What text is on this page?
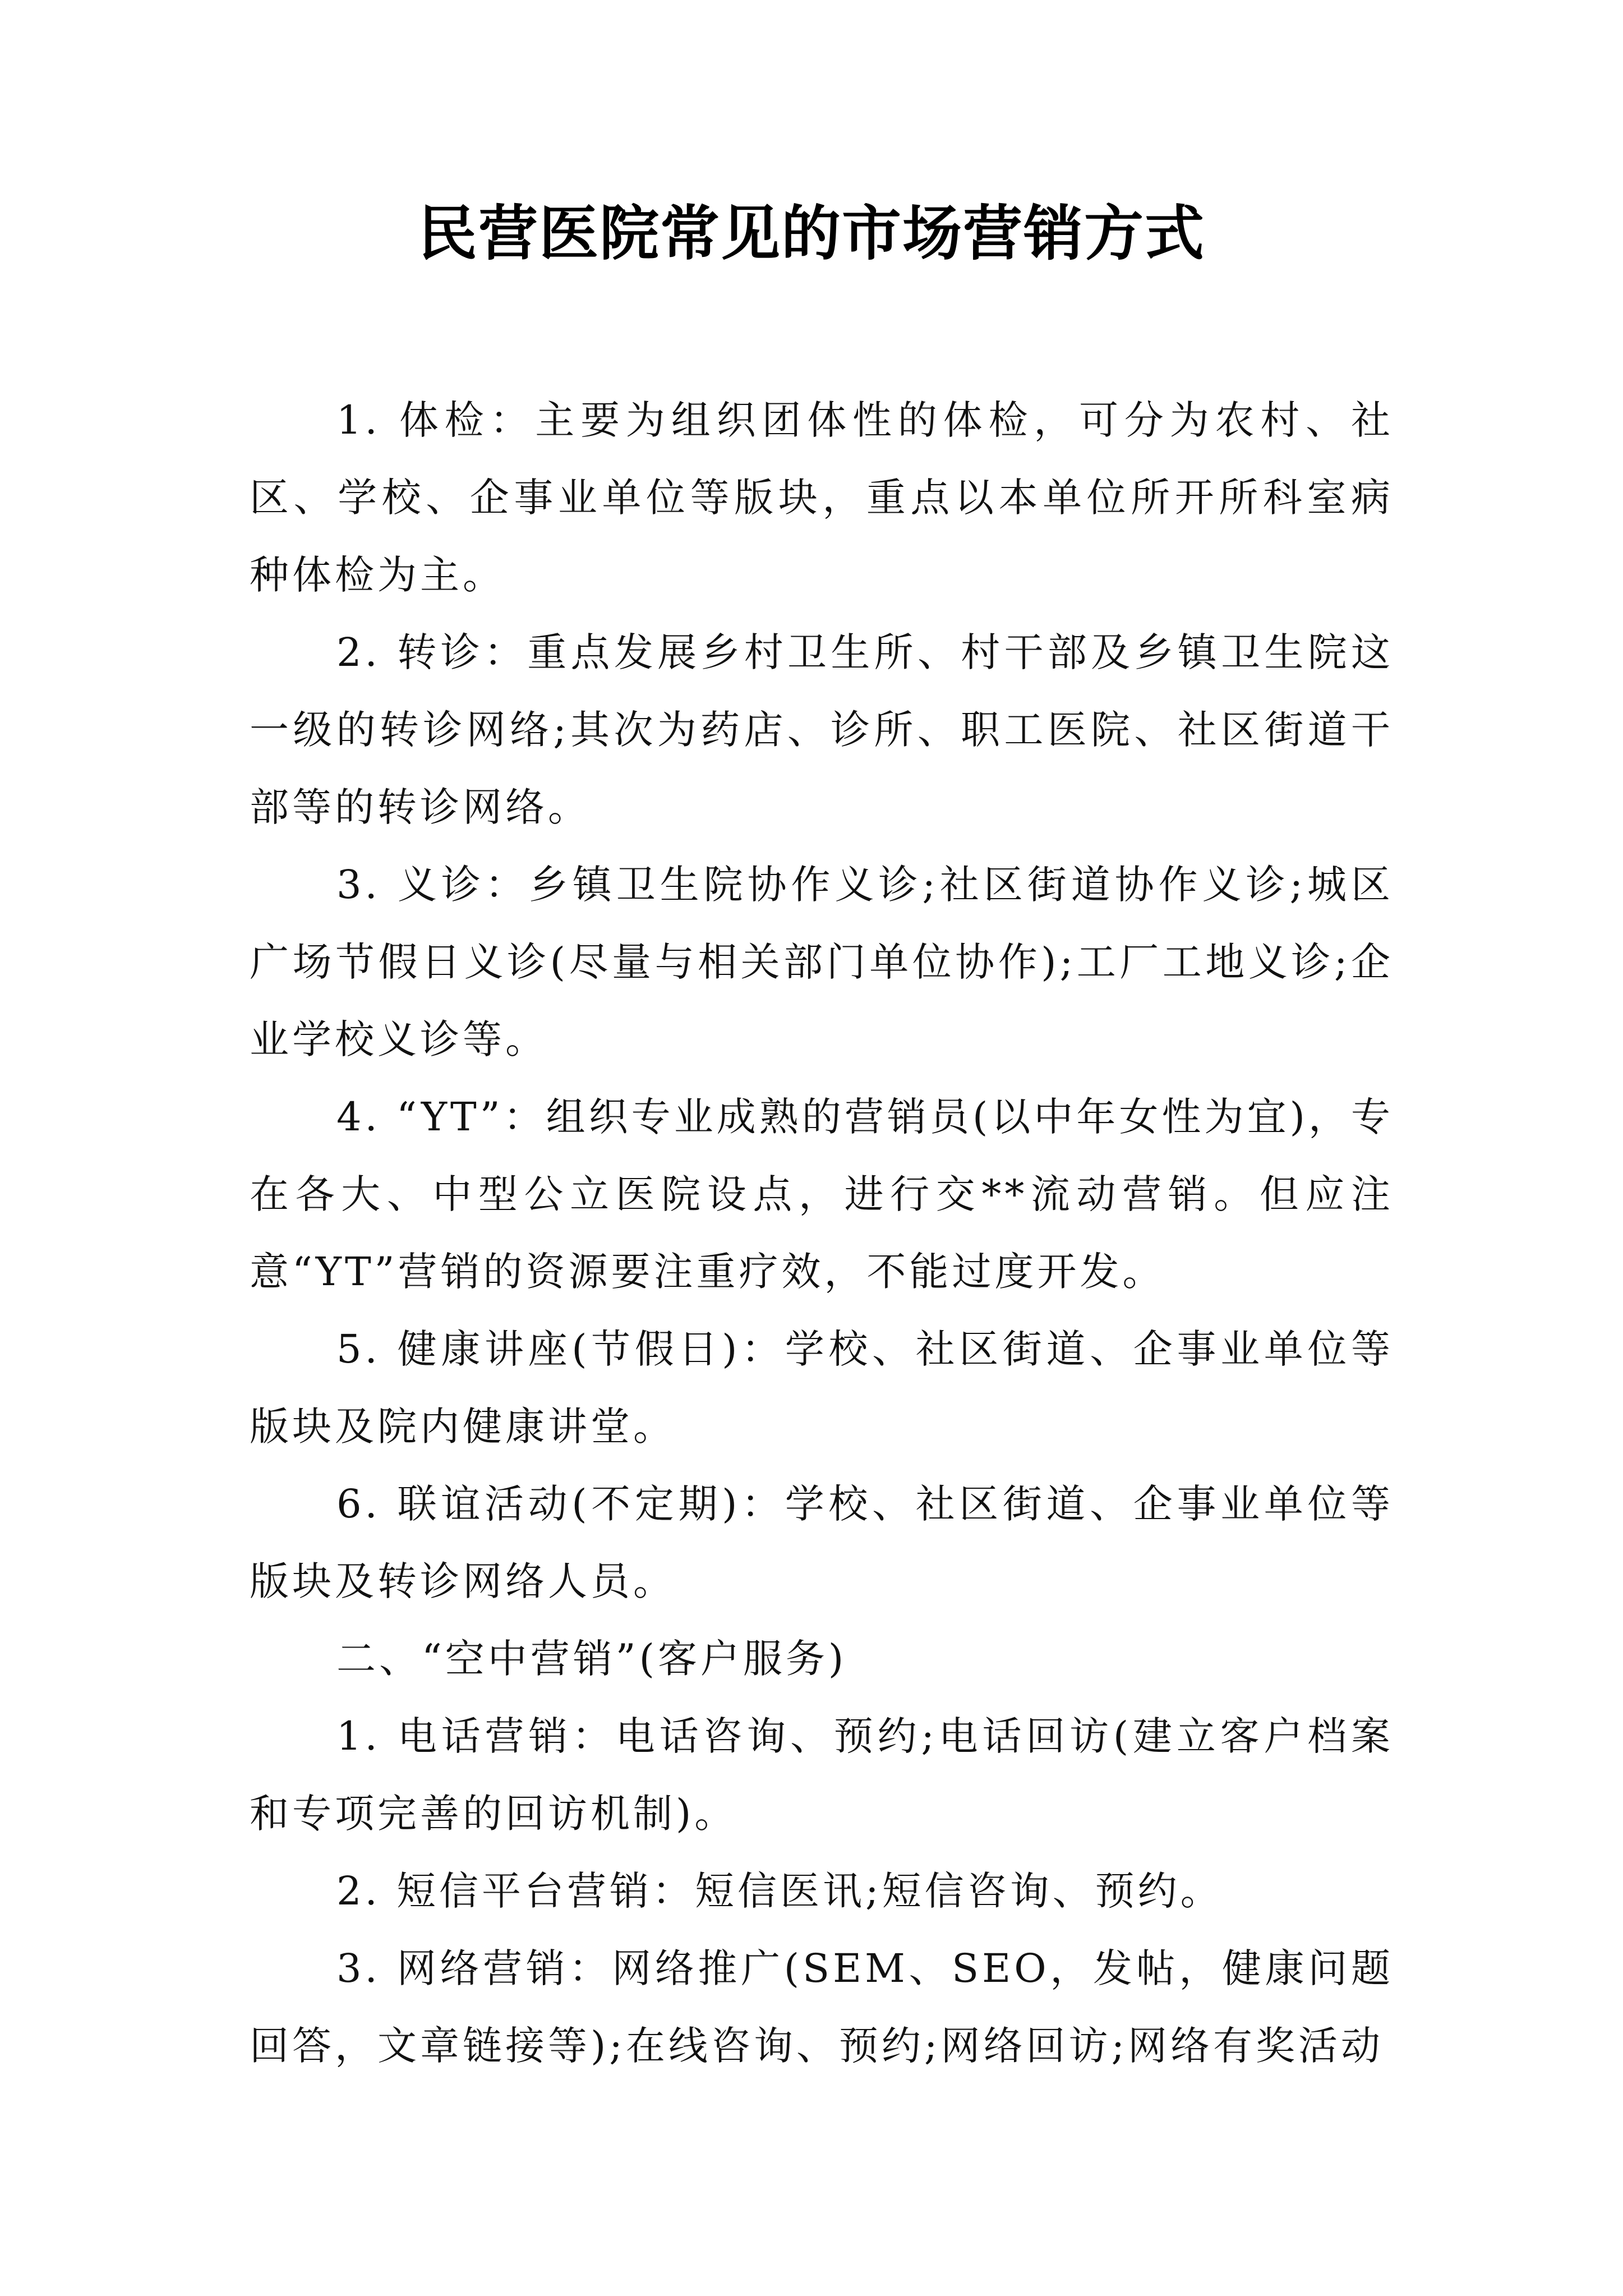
民营医院常见的市场营销方式

1. 体检：主要为组织团体性的体检，可分为农村、社区、学校、企事业单位等版块，重点以本单位所开所科室病种体检为主。

2. 转诊：重点发展乡村卫生所、村干部及乡镇卫生院这一级的转诊网络;其次为药店、诊所、职工医院、社区街道干部等的转诊网络。

3. 义诊：乡镇卫生院协作义诊;社区街道协作义诊;城区广场节假日义诊(尽量与相关部门单位协作);工厂工地义诊;企业学校义诊等。

4. “YT”：组织专业成熟的营销员(以中年女性为宜)，专在各大、中型公立医院设点，进行交**流动营销。但应注意“YT”营销的资源要注重疗效，不能过度开发。

5. 健康讲座(节假日)：学校、社区街道、企事业单位等版块及院内健康讲堂。

6. 联谊活动(不定期)：学校、社区街道、企事业单位等版块及转诊网络人员。

二、“空中营销”(客户服务)

1. 电话营销：电话咨询、预约;电话回访(建立客户档案和专项完善的回访机制)。

2. 短信平台营销：短信医讯;短信咨询、预约。

3. 网络营销：网络推广(SEM、SEO，发帖，健康问题回答，文章链接等);在线咨询、预约;网络回访;网络有奖活动
